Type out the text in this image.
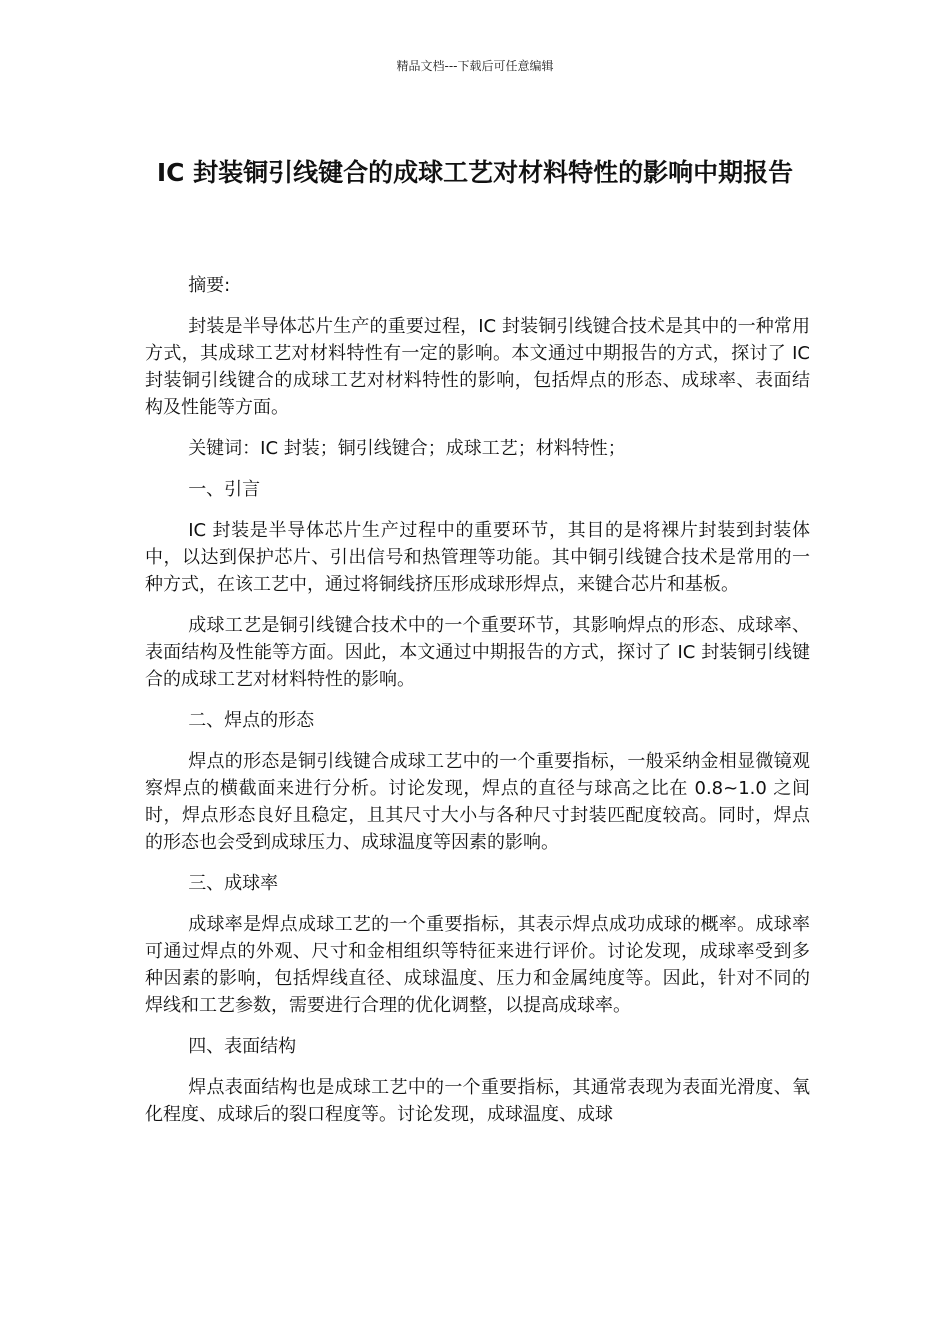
精品文档---下载后可任意编辑
IC 封装铜引线键合的成球工艺对材料特性的影响中期报告

摘要:

封装是半导体芯片生产的重要过程，IC 封装铜引线键合技术是其中的一种常用方式，其成球工艺对材料特性有一定的影响。本文通过中期报告的方式，探讨了 IC 封装铜引线键合的成球工艺对材料特性的影响，包括焊点的形态、成球率、表面结构及性能等方面。

关键词：IC 封装；铜引线键合；成球工艺；材料特性；

一、引言

IC 封装是半导体芯片生产过程中的重要环节，其目的是将裸片封装到封装体中，以达到保护芯片、引出信号和热管理等功能。其中铜引线键合技术是常用的一种方式，在该工艺中，通过将铜线挤压形成球形焊点，来键合芯片和基板。

成球工艺是铜引线键合技术中的一个重要环节，其影响焊点的形态、成球率、表面结构及性能等方面。因此，本文通过中期报告的方式，探讨了 IC 封装铜引线键合的成球工艺对材料特性的影响。

二、焊点的形态

焊点的形态是铜引线键合成球工艺中的一个重要指标，一般采纳金相显微镜观察焊点的横截面来进行分析。讨论发现，焊点的直径与球高之比在 0.8~1.0 之间时，焊点形态良好且稳定，且其尺寸大小与各种尺寸封装匹配度较高。同时，焊点的形态也会受到成球压力、成球温度等因素的影响。

三、成球率

成球率是焊点成球工艺的一个重要指标，其表示焊点成功成球的概率。成球率可通过焊点的外观、尺寸和金相组织等特征来进行评价。讨论发现，成球率受到多种因素的影响，包括焊线直径、成球温度、压力和金属纯度等。因此，针对不同的焊线和工艺参数，需要进行合理的优化调整，以提高成球率。

四、表面结构

焊点表面结构也是成球工艺中的一个重要指标，其通常表现为表面光滑度、氧化程度、成球后的裂口程度等。讨论发现，成球温度、成球
